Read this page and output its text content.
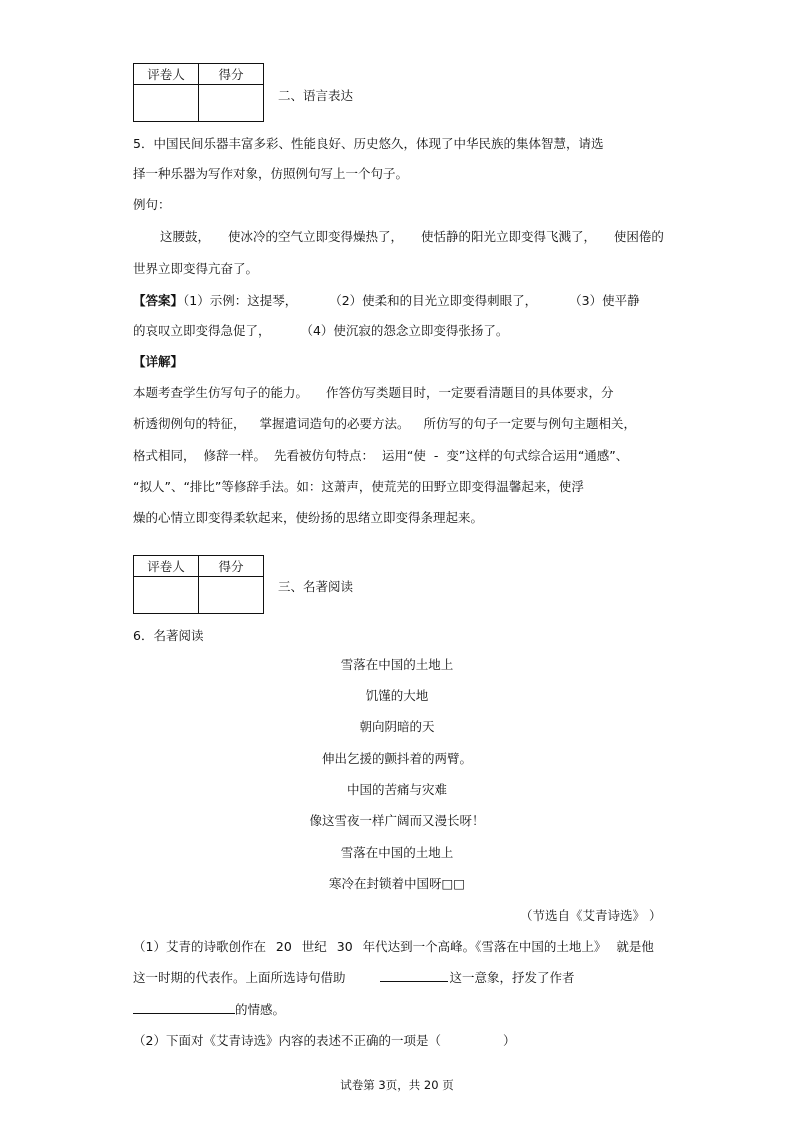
评卷人	得分

二、语言表达
5．中国民间乐器丰富多彩、性能良好、历史悠久，体现了中华民族的集体智慧，请选
择一种乐器为写作对象，仿照例句写上一个句子。
例句：
这腰鼓， 使冰冷的空气立即变得燥热了， 使恬静的阳光立即变得飞溅了， 使困倦的
世界立即变得亢奋了。
【答案】（1）示例：这提琴， （2）使柔和的目光立即变得刺眼了， （3）使平静
的哀叹立即变得急促了， （4）使沉寂的怨念立即变得张扬了。
【详解】
本题考查学生仿写句子的能力。 作答仿写类题目时，一定要看清题目的具体要求，分
析透彻例句的特征， 掌握遣词造句的必要方法。 所仿写的句子一定要与例句主题相关，
格式相同， 修辞一样。 先看被仿句特点： 运用“使 - 变”这样的句式综合运用“通感”、
“拟人”、“排比”等修辞手法。如：这萧声，使荒芜的田野立即变得温馨起来，使浮
燥的心情立即变得柔软起来，使纷扬的思绪立即变得条理起来。
评卷人	得分

三、名著阅读
6．名著阅读
雪落在中国的土地上
饥馑的大地
朝向阴暗的天
伸出乞援的颤抖着的两臂。
中国的苦痛与灾难
像这雪夜一样广阔而又漫长呀！
雪落在中国的土地上
寒冷在封锁着中国呀□□
（节选自《艾青诗选》 ）
（1）艾青的诗歌创作在 20 世纪 30 年代达到一个高峰。《雪落在中国的土地上》 就是他
这一时期的代表作。上面所选诗句借助	这一意象，抒发了作者
的情感。
（2）下面对《艾青诗选》内容的表述不正确的一项是（	）
试卷第 3页，共 20 页
